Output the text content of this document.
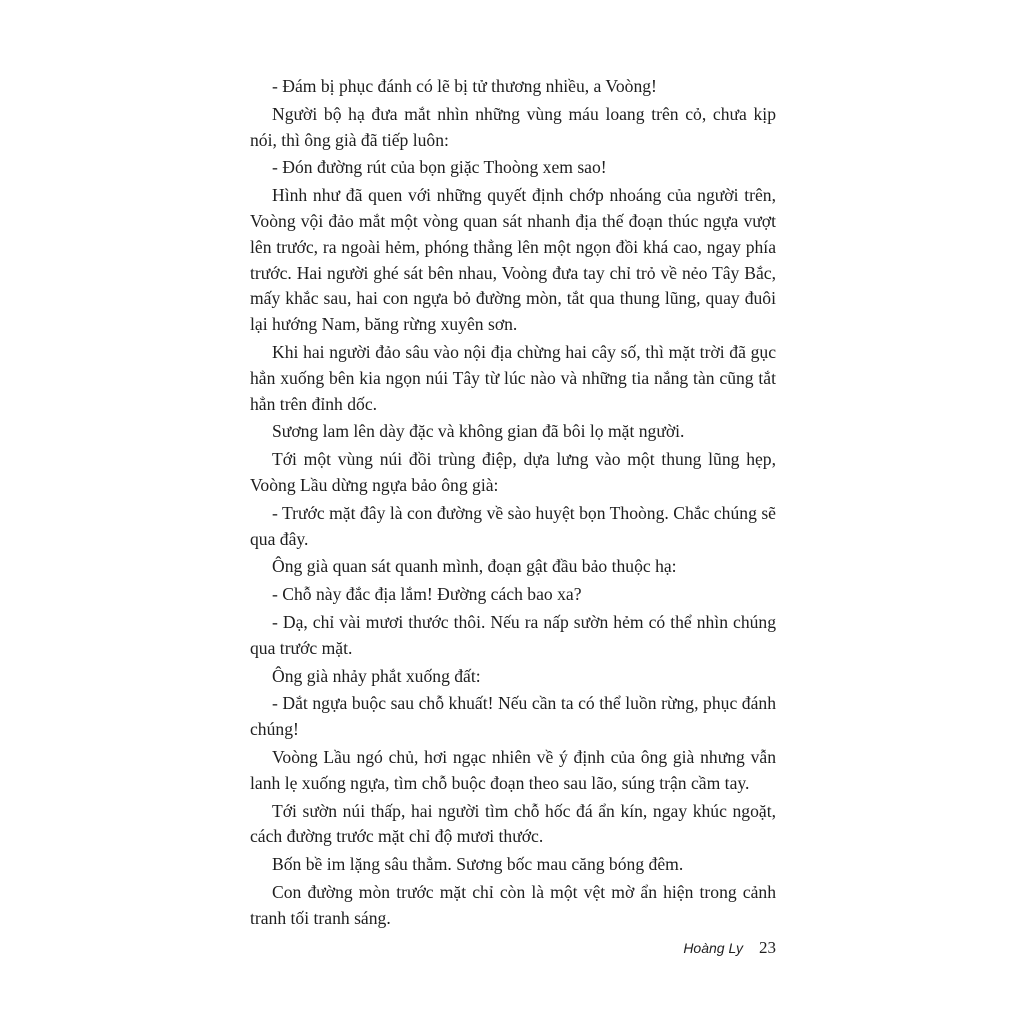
- Đám bị phục đánh có lẽ bị tử thương nhiều, a Voòng!

Người bộ hạ đưa mắt nhìn những vùng máu loang trên cỏ, chưa kịp nói, thì ông già đã tiếp luôn:

- Đón đường rút của bọn giặc Thoòng xem sao!

Hình như đã quen với những quyết định chớp nhoáng của người trên, Voòng vội đảo mắt một vòng quan sát nhanh địa thế đoạn thúc ngựa vượt lên trước, ra ngoài hẻm, phóng thẳng lên một ngọn đồi khá cao, ngay phía trước. Hai người ghé sát bên nhau, Voòng đưa tay chỉ trỏ về nẻo Tây Bắc, mấy khắc sau, hai con ngựa bỏ đường mòn, tắt qua thung lũng, quay đuôi lại hướng Nam, băng rừng xuyên sơn.

Khi hai người đảo sâu vào nội địa chừng hai cây số, thì mặt trời đã gục hẳn xuống bên kia ngọn núi Tây từ lúc nào và những tia nắng tàn cũng tắt hẳn trên đỉnh dốc.

Sương lam lên dày đặc và không gian đã bôi lọ mặt người.

Tới một vùng núi đồi trùng điệp, dựa lưng vào một thung lũng hẹp, Voòng Lầu dừng ngựa bảo ông già:

- Trước mặt đây là con đường về sào huyệt bọn Thoòng. Chắc chúng sẽ qua đây.

Ông già quan sát quanh mình, đoạn gật đầu bảo thuộc hạ:

- Chỗ này đắc địa lắm! Đường cách bao xa?

- Dạ, chỉ vài mươi thước thôi. Nếu ra nấp sườn hẻm có thể nhìn chúng qua trước mặt.

Ông già nhảy phắt xuống đất:

- Dắt ngựa buộc sau chỗ khuất! Nếu cần ta có thể luồn rừng, phục đánh chúng!

Voòng Lầu ngó chủ, hơi ngạc nhiên về ý định của ông già nhưng vẫn lanh lẹ xuống ngựa, tìm chỗ buộc đoạn theo sau lão, súng trận cầm tay.

Tới sườn núi thấp, hai người tìm chỗ hốc đá ẩn kín, ngay khúc ngoặt, cách đường trước mặt chỉ độ mươi thước.

Bốn bề im lặng sâu thẳm. Sương bốc mau căng bóng đêm.

Con đường mòn trước mặt chỉ còn là một vệt mờ ẩn hiện trong cảnh tranh tối tranh sáng.

Hoàng Ly 23
